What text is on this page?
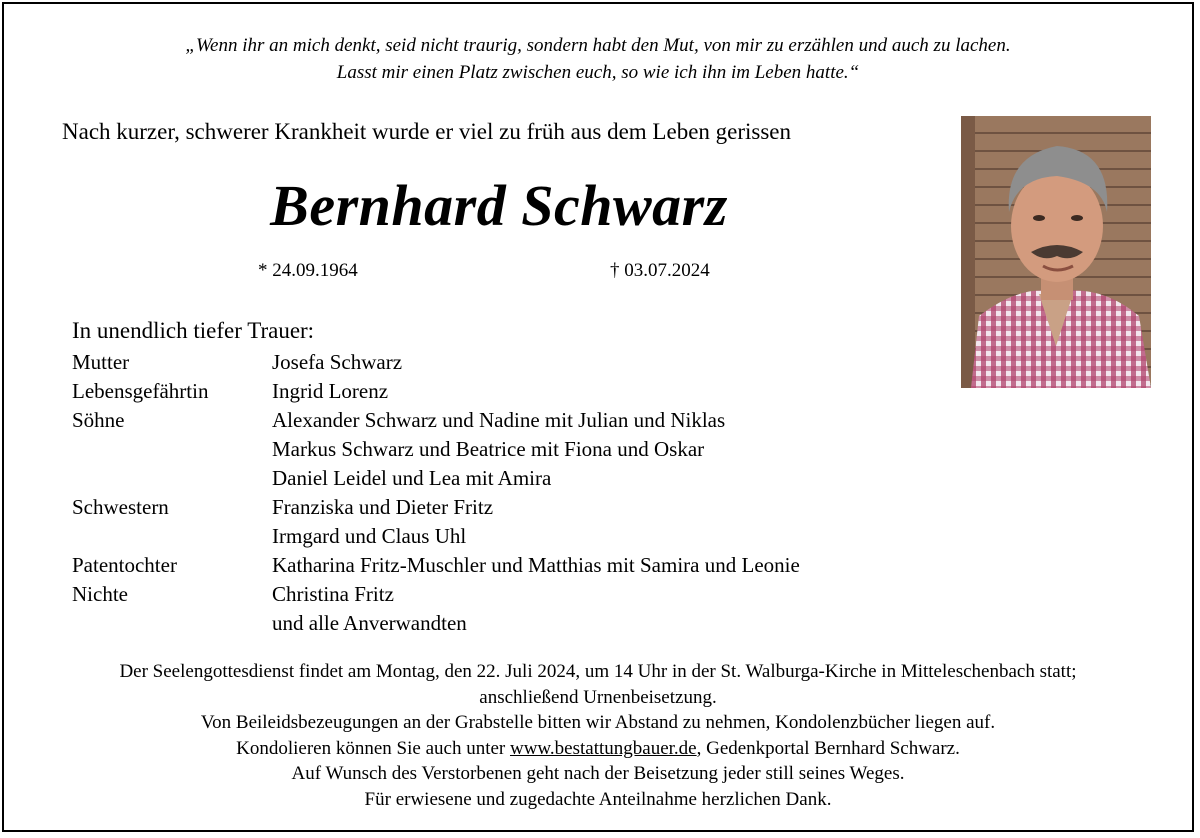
„Wenn ihr an mich denkt, seid nicht traurig, sondern habt den Mut, von mir zu erzählen und auch zu lachen.
Lasst mir einen Platz zwischen euch, so wie ich ihn im Leben hatte.“
Nach kurzer, schwerer Krankheit wurde er viel zu früh aus dem Leben gerissen
Bernhard Schwarz
* 24.09.1964	† 03.07.2024
In unendlich tiefer Trauer:
Mutter	Josefa Schwarz
Lebensgefährtin	Ingrid Lorenz
Söhne	Alexander Schwarz und Nadine mit Julian und Niklas
Markus Schwarz und Beatrice mit Fiona und Oskar
Daniel Leidel und Lea mit Amira
Schwestern	Franziska und Dieter Fritz
Irmgard und Claus Uhl
Patentochter	Katharina Fritz-Muschler und Matthias mit Samira und Leonie
Nichte	Christina Fritz
und alle Anverwandten
Der Seelengottesdienst findet am Montag, den 22. Juli 2024, um 14 Uhr in der St. Walburga-Kirche in Mitteleschenbach statt;
anschließend Urnenbeisetzung.
Von Beileidsbezeugungen an der Grabstelle bitten wir Abstand zu nehmen, Kondolenzbücher liegen auf.
Kondolieren können Sie auch unter www.bestattungbauer.de, Gedenkportal Bernhard Schwarz.
Auf Wunsch des Verstorbenen geht nach der Beisetzung jeder still seines Weges.
Für erwiesene und zugedachte Anteilnahme herzlichen Dank.
